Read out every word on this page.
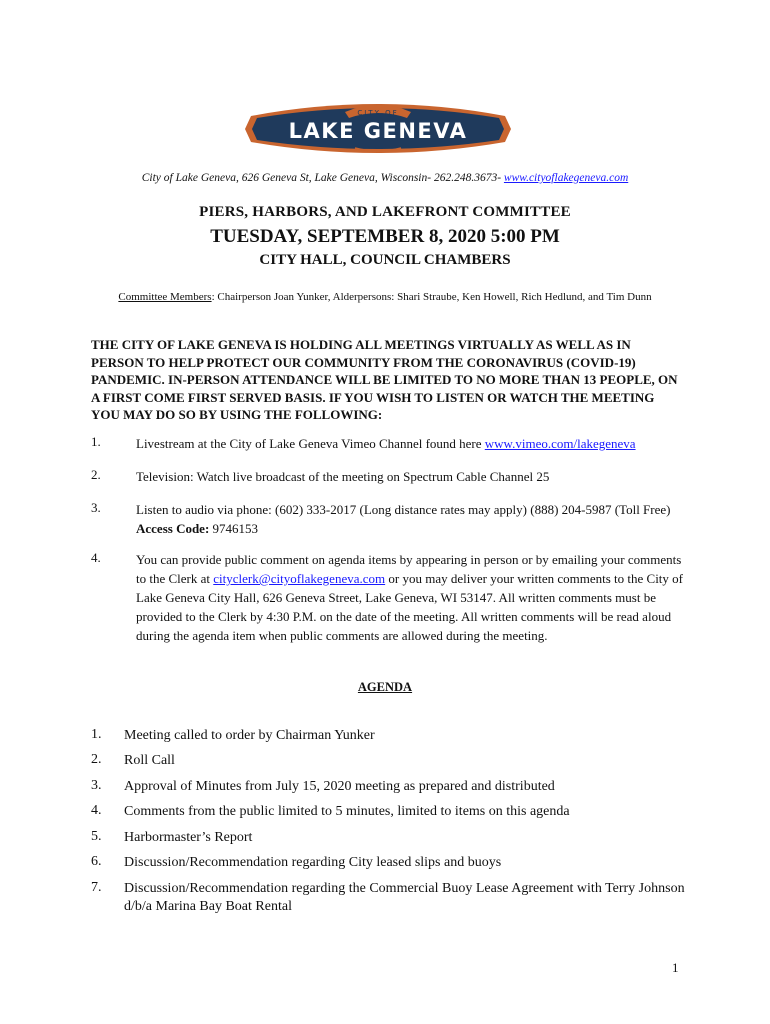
CITY OF
LAKE GENEVA
City of Lake Geneva, 626 Geneva St, Lake Geneva, Wisconsin- 262.248.3673- www.cityoflakegeneva.com
PIERS, HARBORS, AND LAKEFRONT COMMITTEE
TUESDAY, SEPTEMBER 8, 2020 5:00 PM
CITY HALL, COUNCIL CHAMBERS
Committee Members: Chairperson Joan Yunker, Alderpersons: Shari Straube, Ken Howell, Rich Hedlund, and Tim Dunn
THE CITY OF LAKE GENEVA IS HOLDING ALL MEETINGS VIRTUALLY AS WELL AS IN PERSON TO HELP PROTECT OUR COMMUNITY FROM THE CORONAVIRUS (COVID-19) PANDEMIC. IN-PERSON ATTENDANCE WILL BE LIMITED TO NO MORE THAN 13 PEOPLE, ON A FIRST COME FIRST SERVED BASIS. IF YOU WISH TO LISTEN OR WATCH THE MEETING YOU MAY DO SO BY USING THE FOLLOWING:
1.	Livestream at the City of Lake Geneva Vimeo Channel found here www.vimeo.com/lakegeneva
2.	Television: Watch live broadcast of the meeting on Spectrum Cable Channel 25
3.	Listen to audio via phone: (602) 333-2017 (Long distance rates may apply) (888) 204-5987 (Toll Free) Access Code: 9746153
4.	You can provide public comment on agenda items by appearing in person or by emailing your comments to the Clerk at cityclerk@cityoflakegeneva.com or you may deliver your written comments to the City of Lake Geneva City Hall, 626 Geneva Street, Lake Geneva, WI 53147. All written comments must be provided to the Clerk by 4:30 P.M. on the date of the meeting. All written comments will be read aloud during the agenda item when public comments are allowed during the meeting.
AGENDA
1. Meeting called to order by Chairman Yunker
2. Roll Call
3. Approval of Minutes from July 15, 2020 meeting as prepared and distributed
4. Comments from the public limited to 5 minutes, limited to items on this agenda
5. Harbormaster’s Report
6. Discussion/Recommendation regarding City leased slips and buoys
7. Discussion/Recommendation regarding the Commercial Buoy Lease Agreement with Terry Johnson d/b/a Marina Bay Boat Rental
1
